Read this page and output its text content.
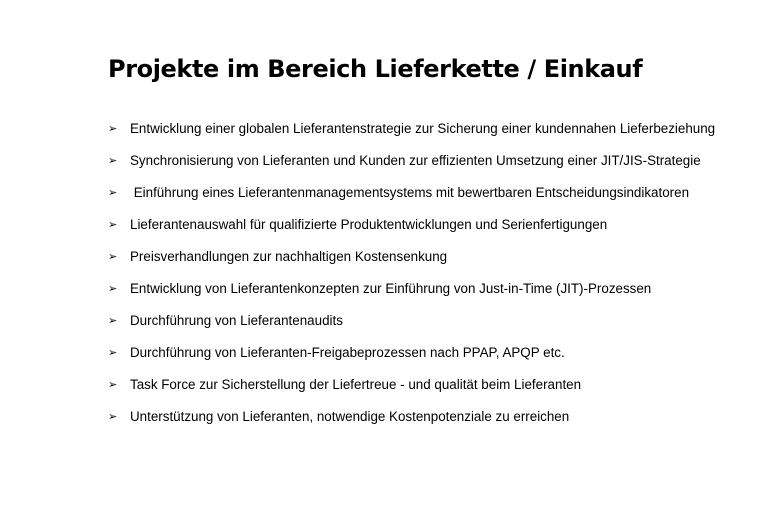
Projekte im Bereich Lieferkette / Einkauf
➢ Entwicklung einer globalen Lieferantenstrategie zur Sicherung einer kundennahen Lieferbeziehung
➢ Synchronisierung von Lieferanten und Kunden zur effizienten Umsetzung einer JIT/JIS-Strategie
➢ Einführung eines Lieferantenmanagementsystems mit bewertbaren Entscheidungsindikatoren
➢ Lieferantenauswahl für qualifizierte Produktentwicklungen und Serienfertigungen
➢ Preisverhandlungen zur nachhaltigen Kostensenkung
➢ Entwicklung von Lieferantenkonzepten zur Einführung von Just-in-Time (JIT)-Prozessen
➢ Durchführung von Lieferantenaudits
➢ Durchführung von Lieferanten-Freigabeprozessen nach PPAP, APQP etc.
➢ Task Force zur Sicherstellung der Liefertreue - und qualität beim Lieferanten
➢ Unterstützung von Lieferanten, notwendige Kostenpotenziale zu erreichen
